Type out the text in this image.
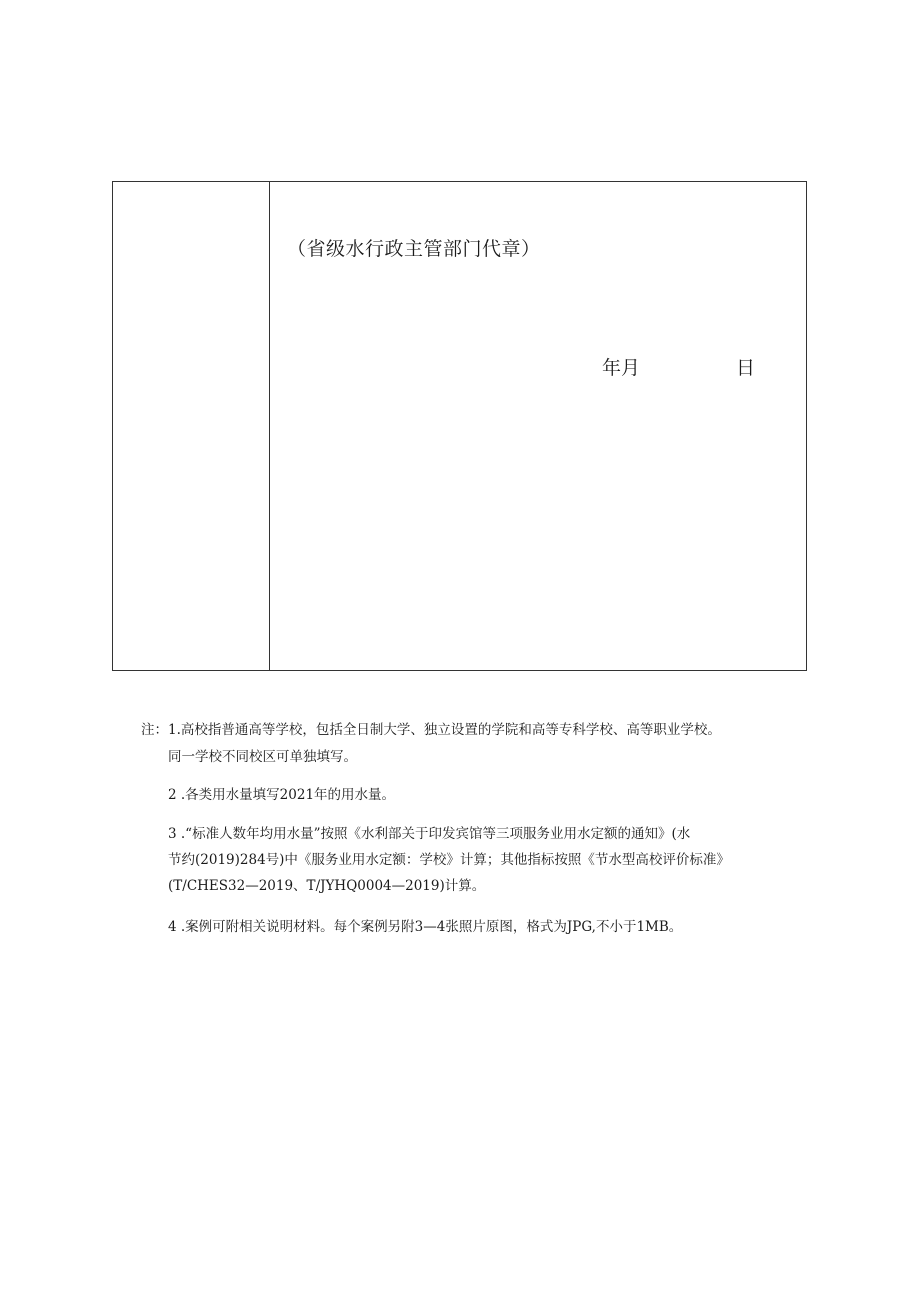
（省级水行政主管部门代章）
年月	日
注：1.高校指普通高等学校，包括全日制大学、独立设置的学院和高等专科学校、高等职业学校。
同一学校不同校区可单独填写。
2 .各类用水量填写2021年的用水量。
3 .“标准人数年均用水量”按照《水利部关于印发宾馆等三项服务业用水定额的通知》(水
节约(2019)284号)中《服务业用水定额：学校》计算；其他指标按照《节水型高校评价标准》
(T/CHES32—2019、T/JYHQ0004—2019)计算。
4 .案例可附相关说明材料。每个案例另附3—4张照片原图，格式为JPG,不小于1MB。
